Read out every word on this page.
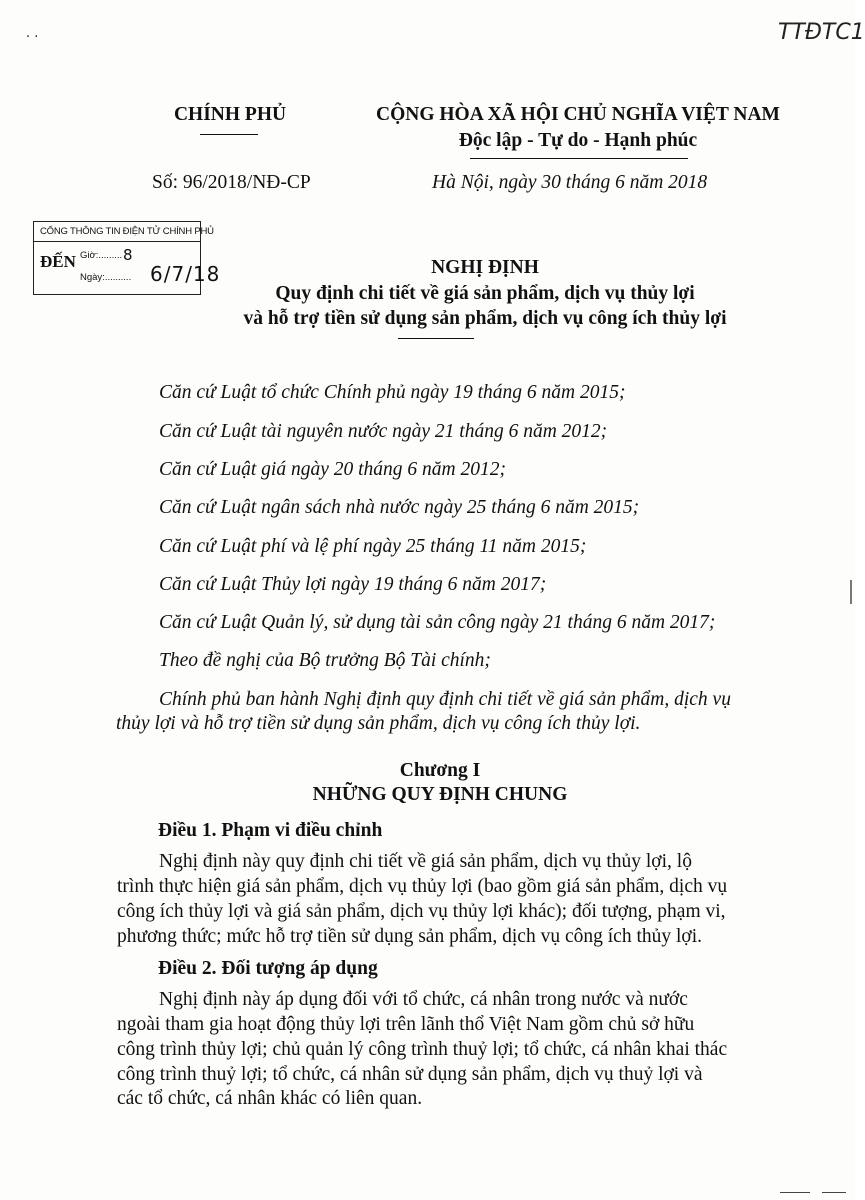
· ·	TTĐTC1
CHÍNH PHỦ	CỘNG HÒA XÃ HỘI CHỦ NGHĨA VIỆT NAM
Độc lập - Tự do - Hạnh phúc
Số: 96/2018/NĐ-CP	Hà Nội, ngày 30 tháng 6 năm 2018
CỔNG THÔNG TIN ĐIỆN TỬ CHÍNH PHỦ
ĐẾN Giờ:.........
Ngày:..........
8
6/7/18	NGHỊ ĐỊNH
Quy định chi tiết về giá sản phẩm, dịch vụ thủy lợi
và hỗ trợ tiền sử dụng sản phẩm, dịch vụ công ích thủy lợi
Căn cứ Luật tổ chức Chính phủ ngày 19 tháng 6 năm 2015;
Căn cứ Luật tài nguyên nước ngày 21 tháng 6 năm 2012;
Căn cứ Luật giá ngày 20 tháng 6 năm 2012;
Căn cứ Luật ngân sách nhà nước ngày 25 tháng 6 năm 2015;
Căn cứ Luật phí và lệ phí ngày 25 tháng 11 năm 2015;
Căn cứ Luật Thủy lợi ngày 19 tháng 6 năm 2017;
Căn cứ Luật Quản lý, sử dụng tài sản công ngày 21 tháng 6 năm 2017;
Theo đề nghị của Bộ trưởng Bộ Tài chính;
Chính phủ ban hành Nghị định quy định chi tiết về giá sản phẩm, dịch vụ
thủy lợi và hỗ trợ tiền sử dụng sản phẩm, dịch vụ công ích thủy lợi.
Chương I
NHỮNG QUY ĐỊNH CHUNG
Điều 1. Phạm vi điều chỉnh
Nghị định này quy định chi tiết về giá sản phẩm, dịch vụ thủy lợi, lộ
trình thực hiện giá sản phẩm, dịch vụ thủy lợi (bao gồm giá sản phẩm, dịch vụ
công ích thủy lợi và giá sản phẩm, dịch vụ thủy lợi khác); đối tượng, phạm vi,
phương thức; mức hỗ trợ tiền sử dụng sản phẩm, dịch vụ công ích thủy lợi.
Điều 2. Đối tượng áp dụng
Nghị định này áp dụng đối với tổ chức, cá nhân trong nước và nước
ngoài tham gia hoạt động thủy lợi trên lãnh thổ Việt Nam gồm chủ sở hữu
công trình thủy lợi; chủ quản lý công trình thuỷ lợi; tổ chức, cá nhân khai thác
công trình thuỷ lợi; tổ chức, cá nhân sử dụng sản phẩm, dịch vụ thuỷ lợi và
các tổ chức, cá nhân khác có liên quan.
